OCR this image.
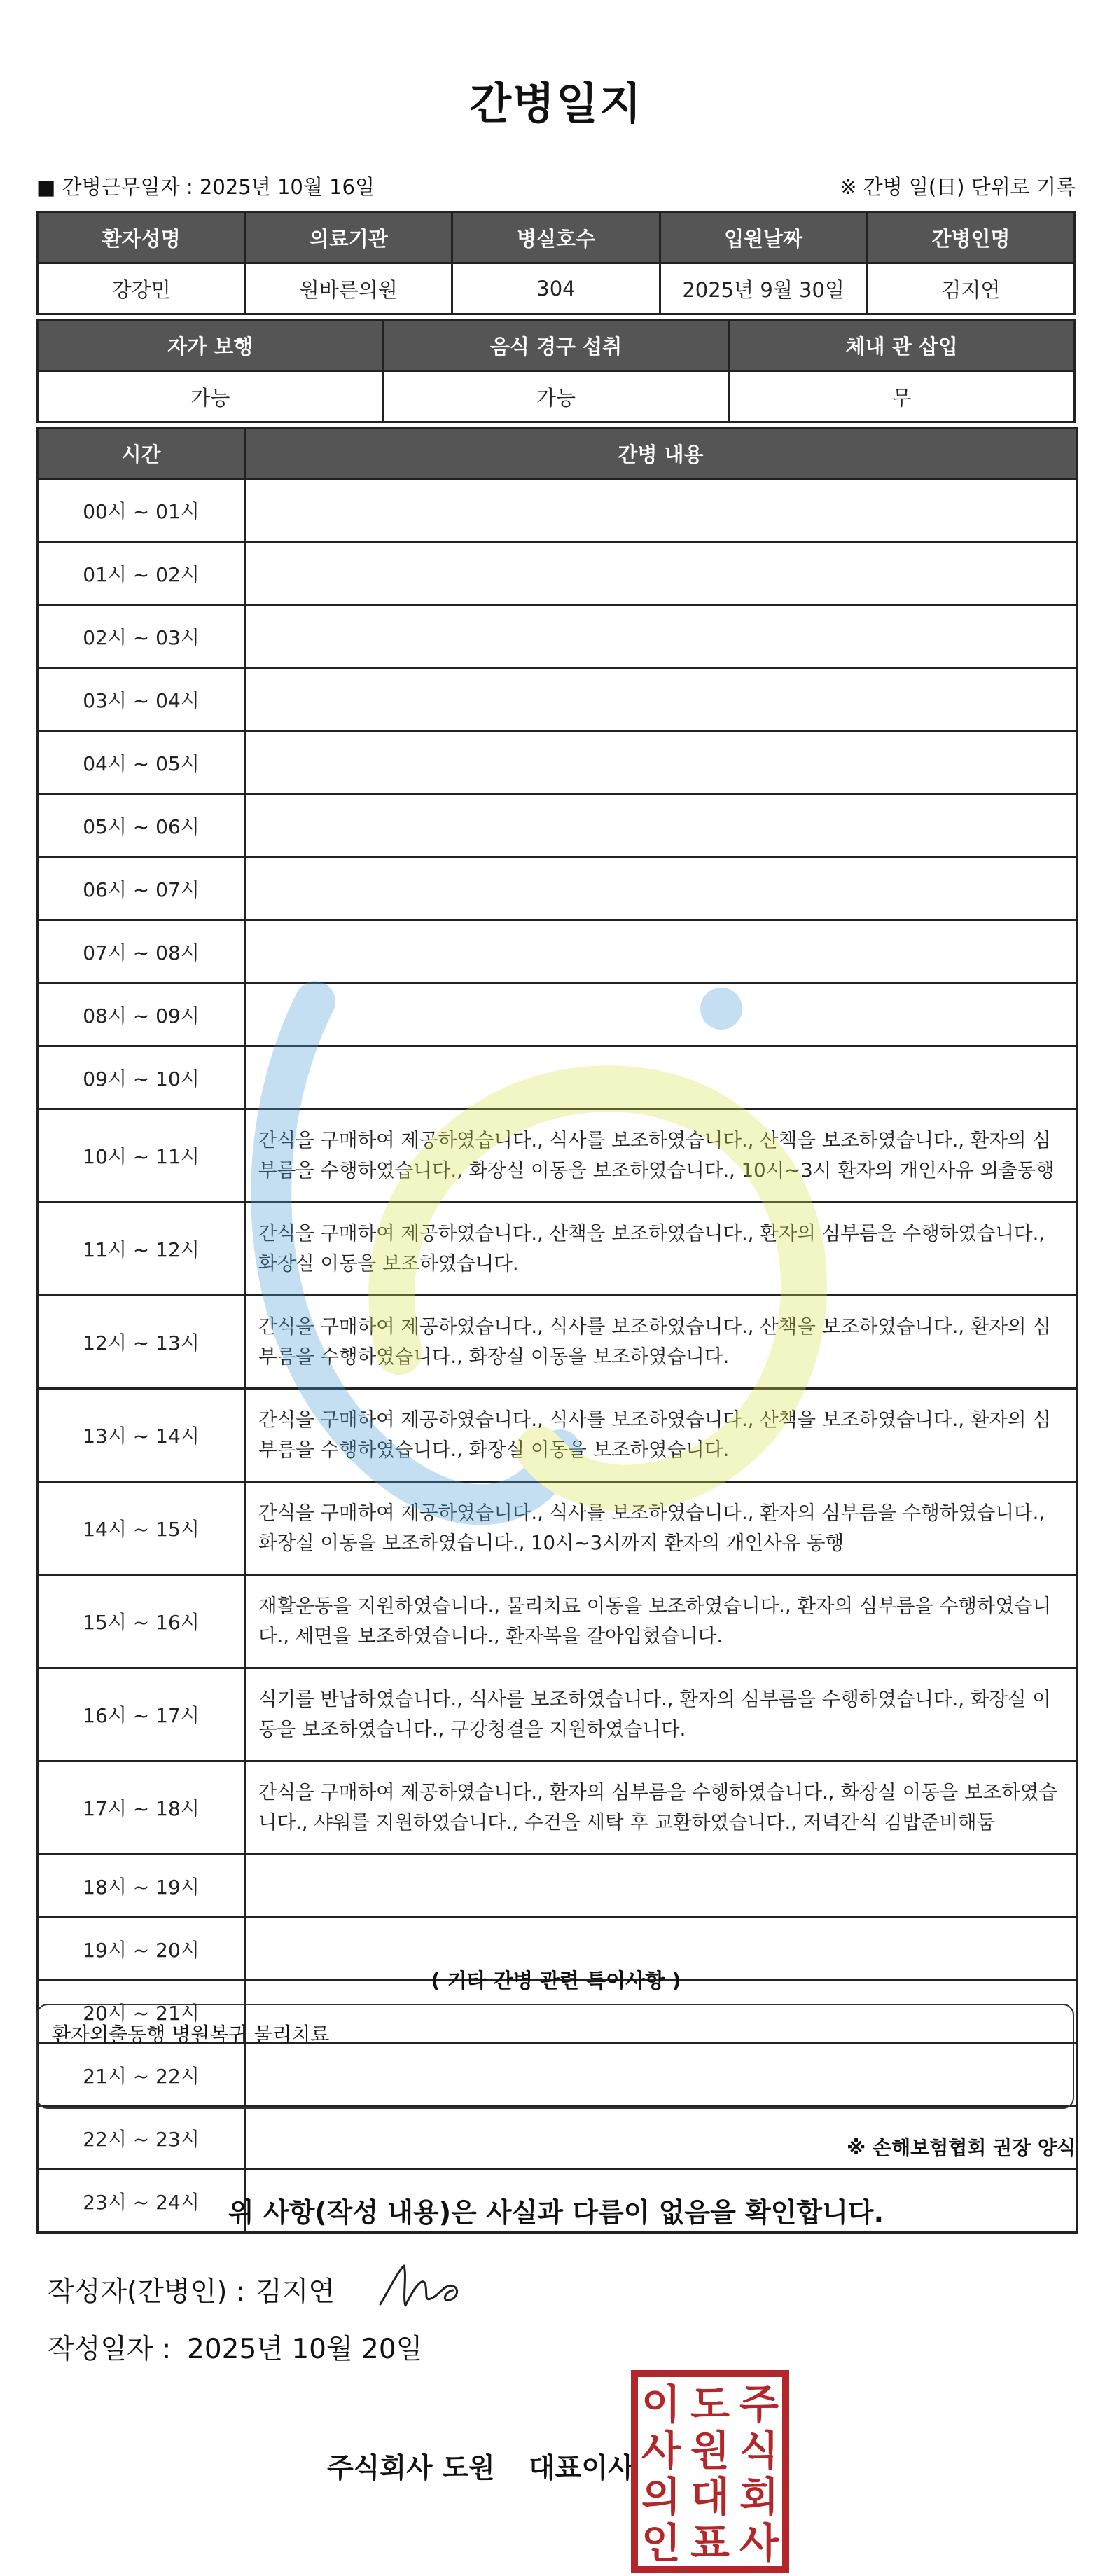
간병일지
■ 간병근무일자 : 2025년 10월 16일	※ 간병 일(日) 단위로 기록
환자성명	의료기관	병실호수	입원날짜	간병인명
강강민	원바른의원	304	2025년 9월 30일	김지연
자가 보행	음식 경구 섭취	체내 관 삽입
가능	가능	무
시간	간병 내용
00시 ~ 01시	
01시 ~ 02시	
02시 ~ 03시	
03시 ~ 04시	
04시 ~ 05시	
05시 ~ 06시	
06시 ~ 07시	
07시 ~ 08시	
08시 ~ 09시	
09시 ~ 10시	
10시 ~ 11시	간식을 구매하여 제공하였습니다., 식사를 보조하였습니다., 산책을 보조하였습니다., 환자의 심부름을 수행하였습니다., 화장실 이동을 보조하였습니다., 10시~3시 환자의 개인사유 외출동행
11시 ~ 12시	간식을 구매하여 제공하였습니다., 산책을 보조하였습니다., 환자의 심부름을 수행하였습니다., 화장실 이동을 보조하였습니다.
12시 ~ 13시	간식을 구매하여 제공하였습니다., 식사를 보조하였습니다., 산책을 보조하였습니다., 환자의 심부름을 수행하였습니다., 화장실 이동을 보조하였습니다.
13시 ~ 14시	간식을 구매하여 제공하였습니다., 식사를 보조하였습니다., 산책을 보조하였습니다., 환자의 심부름을 수행하였습니다., 화장실 이동을 보조하였습니다.
14시 ~ 15시	간식을 구매하여 제공하였습니다., 식사를 보조하였습니다., 환자의 심부름을 수행하였습니다., 화장실 이동을 보조하였습니다., 10시~3시까지 환자의 개인사유 동행
15시 ~ 16시	재활운동을 지원하였습니다., 물리치료 이동을 보조하였습니다., 환자의 심부름을 수행하였습니다., 세면을 보조하였습니다., 환자복을 갈아입혔습니다.
16시 ~ 17시	식기를 반납하였습니다., 식사를 보조하였습니다., 환자의 심부름을 수행하였습니다., 화장실 이동을 보조하였습니다., 구강청결을 지원하였습니다.
17시 ~ 18시	간식을 구매하여 제공하였습니다., 환자의 심부름을 수행하였습니다., 화장실 이동을 보조하였습니다., 샤워를 지원하였습니다., 수건을 세탁 후 교환하였습니다., 저녁간식 김밥준비해둠
18시 ~ 19시	
19시 ~ 20시	
20시 ~ 21시	
21시 ~ 22시	
22시 ~ 23시	
23시 ~ 24시	
( 기타 간병 관련 특이사항 )
환자외출동행 병원복귀 물리치료
※ 손해보험협회 권장 양식
위 사항(작성 내용)은 사실과 다름이 없음을 확인합니다.
작성자(간병인) : 김지연
작성일자 : 2025년 10월 20일
주식회사 도원 대표이사
주
식
회
사
도
원
대
표
이
사
의
인
